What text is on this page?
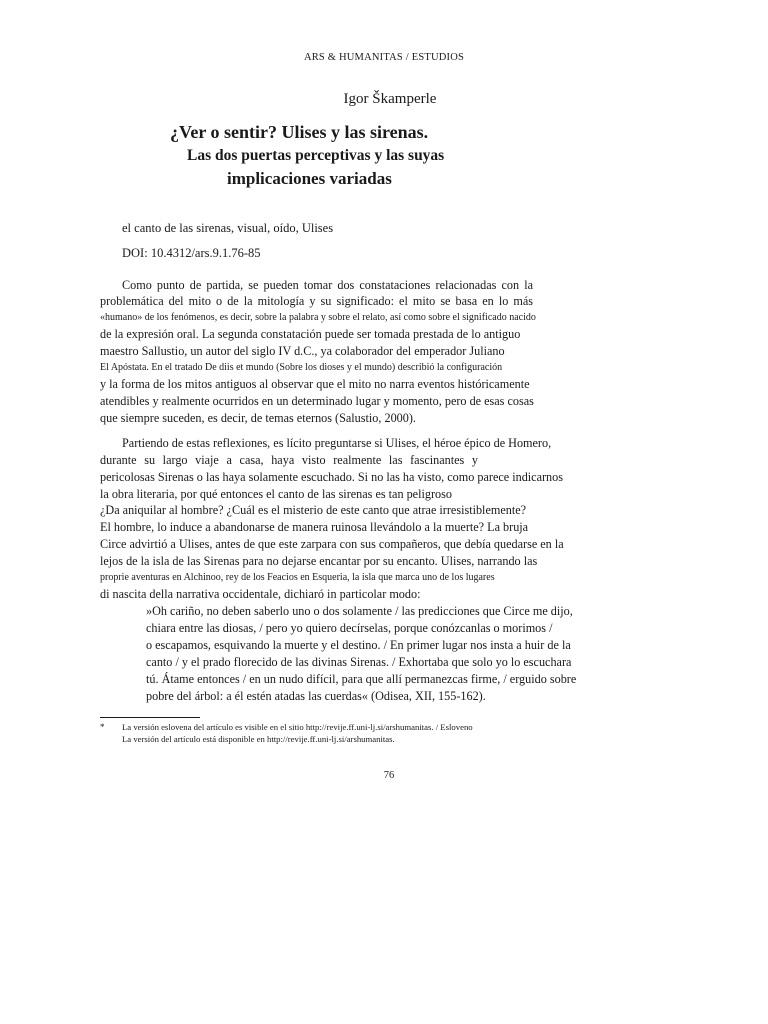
ARS & HUMANITAS / ESTUDIOS
Igor Škamperle
¿Ver o sentir? Ulises y las sirenas.
Las dos puertas perceptivas y las suyas
implicaciones variadas
el canto de las sirenas, visual, oído, Ulises
DOI: 10.4312/ars.9.1.76-85
Como punto de partida, se pueden tomar dos constataciones relacionadas con la
problemática del mito o de la mitología y su significado: el mito se basa en lo más
«humano» de los fenómenos, es decir, sobre la palabra y sobre el relato, así como sobre el significado nacido
de la expresión oral. La segunda constatación puede ser tomada prestada de lo antiguo
maestro Sallustio, un autor del siglo IV d.C., ya colaborador del emperador Juliano
El Apóstata. En el tratado De diis et mundo (Sobre los dioses y el mundo) describió la configuración
y la forma de los mitos antiguos al observar que el mito no narra eventos históricamente
atendibles y realmente ocurridos en un determinado lugar y momento, pero de esas cosas
que siempre suceden, es decir, de temas eternos (Salustio, 2000).
Partiendo de estas reflexiones, es lícito preguntarse si Ulises, el héroe épico de Homero,
durante su largo viaje a casa, haya visto realmente las fascinantes y
pericolosas Sirenas o las haya solamente escuchado. Si no las ha visto, como parece indicarnos
la obra literaria, por qué entonces el canto de las sirenas es tan peligroso
¿Da aniquilar al hombre? ¿Cuál es el misterio de este canto que atrae irresistiblemente?
El hombre, lo induce a abandonarse de manera ruinosa llevándolo a la muerte? La bruja
Circe advirtió a Ulises, antes de que este zarpara con sus compañeros, que debía quedarse en la
lejos de la isla de las Sirenas para no dejarse encantar por su encanto. Ulises, narrando las
proprie aventuras en Alchinoo, rey de los Feacios en Esqueria, la isla que marca uno de los lugares
di nascita della narrativa occidentale, dichiaró in particolar modo:
»Oh cariño, no deben saberlo uno o dos solamente / las predicciones que Circe me dijo,
chiara entre las diosas, / pero yo quiero decírselas, porque conózcanlas o morimos /
o escapamos, esquivando la muerte y el destino. / En primer lugar nos insta a huir de la
canto / y el prado florecido de las divinas Sirenas. / Exhortaba que solo yo lo escuchara
tú. Átame entonces / en un nudo difícil, para que allí permanezcas firme, / erguido sobre
pobre del árbol: a él estén atadas las cuerdas« (Odisea, XII, 155-162).
* La versión eslovena del artículo es visible en el sitio http://revije.ff.uni-lj.si/arshumanitas. / Esloveno
La versión del artículo está disponible en http://revije.ff.uni-lj.si/arshumanitas.
76
